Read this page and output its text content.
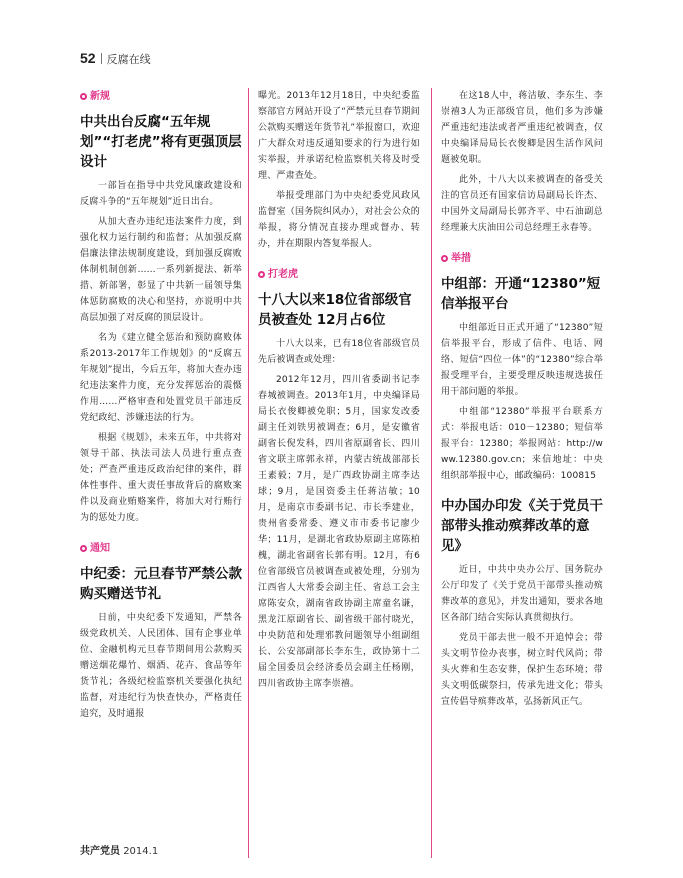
52 反腐在线
新规
中共出台反腐“五年规划”“打老虎”将有更强顶层设计

一部旨在指导中共党风廉政建设和反腐斗争的“五年规划”近日出台。

从加大查办违纪违法案件力度，到强化权力运行制约和监督；从加强反腐倡廉法律法规制度建设，到加强反腐败体制机制创新……一系列新提法、新举措、新部署，彰显了中共新一届领导集体惩防腐败的决心和坚持，亦说明中共高层加强了对反腐的顶层设计。

名为《建立健全惩治和预防腐败体系2013-2017年工作规划》的“反腐五年规划”提出，今后五年，将加大查办违纪违法案件力度，充分发挥惩治的震慑作用……严格审查和处置党员干部违反党纪政纪、涉嫌违法的行为。

根据《规划》，未来五年，中共将对领导干部、执法司法人员进行重点查处；严查严重违反政治纪律的案件，群体性事件、重大责任事故背后的腐败案件以及商业贿赂案件，将加大对行贿行为的惩处力度。

通知
中纪委：元旦春节严禁公款购买赠送节礼

日前，中央纪委下发通知，严禁各级党政机关、人民团体、国有企事业单位、金融机构元旦春节期间用公款购买赠送烟花爆竹、烟酒、花卉、食品等年货节礼；各级纪检监察机关要强化执纪监督，对违纪行为快查快办，严格责任追究，及时通报

曝光。2013年12月18日，中央纪委监察部官方网站开设了“严禁元旦春节期间公款购买赠送年货节礼”举报窗口，欢迎广大群众对违反通知要求的行为进行如实举报，并承诺纪检监察机关将及时受理、严肃查处。

举报受理部门为中央纪委党风政风监督室（国务院纠风办），对社会公众的举报，将分情况直接办理或督办、转办，并在期限内答复举报人。

打老虎
十八大以来18位省部级官员被查处 12月占6位

十八大以来，已有18位省部级官员先后被调查或处理：

2012年12月，四川省委副书记李春城被调查。2013年1月，中央编译局局长衣俊卿被免职；5月，国家发改委副主任刘铁男被调查；6月，是安徽省副省长倪发科，四川省原副省长、四川省文联主席郭永祥，内蒙古统战部部长王素毅；7月，是广西政协副主席李达球；9月，是国资委主任蒋洁敏；10月，是南京市委副书记、市长季建业，贵州省委常委、遵义市市委书记廖少华；11月，是湖北省政协原副主席陈柏槐，湖北省副省长郭有明。12月，有6位省部级官员被调查或被处理，分别为江西省人大常委会副主任、省总工会主席陈安众，湖南省政协副主席童名谦，黑龙江原副省长、副省级干部付晓光，中央防范和处理邪教问题领导小组副组长、公安部副部长李东生，政协第十二届全国委员会经济委员会副主任杨刚，四川省政协主席李崇禧。

在这18人中，蒋洁敏、李东生、李崇禧3人为正部级官员，他们多为涉嫌严重违纪违法或者严重违纪被调查，仅中央编译局局长衣俊卿是因生活作风问题被免职。

此外，十八大以来被调查的备受关注的官员还有国家信访局副局长许杰、中国外文局副局长郭齐平、中石油副总经理兼大庆油田公司总经理王永春等。

举措
中组部：开通“12380”短信举报平台

中组部近日正式开通了“12380”短信举报平台，形成了信件、电话、网络、短信“四位一体”的“12380”综合举报受理平台，主要受理反映违规选拔任用干部问题的举报。

中组部“12380”举报平台联系方式：举报电话：010－12380；短信举报平台：12380；举报网站：http://www.12380.gov.cn；来信地址：中央组织部举报中心，邮政编码：100815

中办国办印发《关于党员干部带头推动殡葬改革的意见》

近日，中共中央办公厅、国务院办公厅印发了《关于党员干部带头推动殡葬改革的意见》，并发出通知，要求各地区各部门结合实际认真贯彻执行。

党员干部去世一般不开追悼会；带头文明节俭办丧事，树立时代风尚；带头火葬和生态安葬，保护生态环境；带头文明低碳祭扫，传承先进文化；带头宣传倡导殡葬改革，弘扬新风正气。

共产党员 2014.1
